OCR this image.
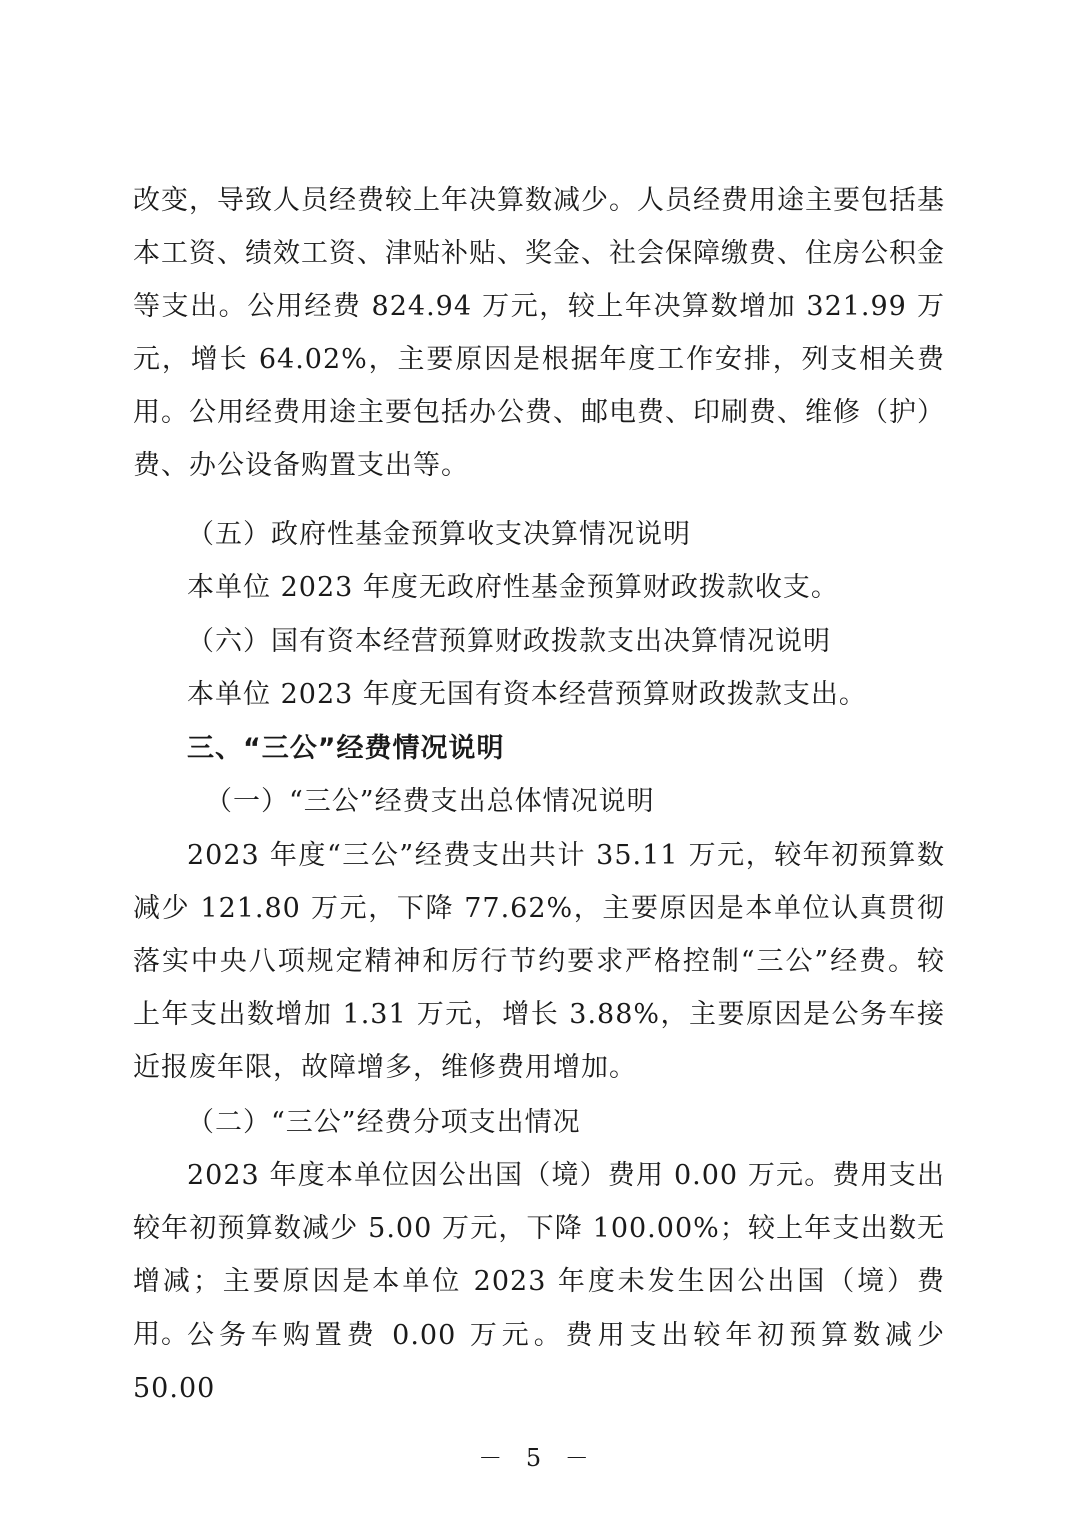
改变，导致人员经费较上年决算数减少。人员经费用途主要包括基本工资、绩效工资、津贴补贴、奖金、社会保障缴费、住房公积金等支出。公用经费 824.94 万元，较上年决算数增加 321.99 万元，增长 64.02%，主要原因是根据年度工作安排，列支相关费用。公用经费用途主要包括办公费、邮电费、印刷费、维修（护）费、办公设备购置支出等。

（五）政府性基金预算收支决算情况说明

本单位 2023 年度无政府性基金预算财政拨款收支。

（六）国有资本经营预算财政拨款支出决算情况说明

本单位 2023 年度无国有资本经营预算财政拨款支出。

三、“三公”经费情况说明

（一）“三公”经费支出总体情况说明

2023 年度“三公”经费支出共计 35.11 万元，较年初预算数减少 121.80 万元，下降 77.62%，主要原因是本单位认真贯彻落实中央八项规定精神和厉行节约要求严格控制“三公”经费。较上年支出数增加 1.31 万元，增长 3.88%，主要原因是公务车接近报废年限，故障增多，维修费用增加。

（二）“三公”经费分项支出情况

2023 年度本单位因公出国（境）费用 0.00 万元。费用支出较年初预算数减少 5.00 万元，下降 100.00%；较上年支出数无增减；主要原因是本单位 2023 年度未发生因公出国（境）费用。

公务车购置费 0.00 万元。费用支出较年初预算数减少 50.00

－ 5 －
